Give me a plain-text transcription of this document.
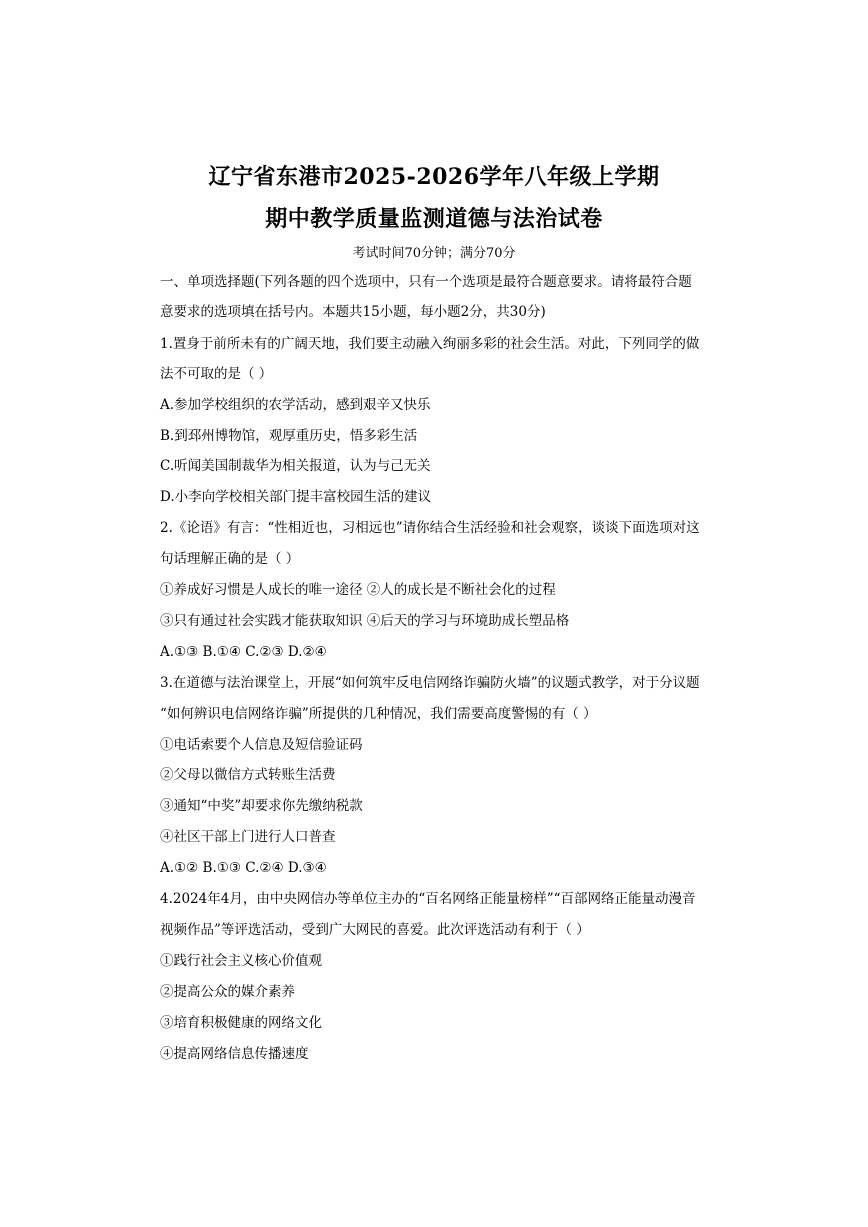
辽宁省东港市2025-2026学年八年级上学期
期中教学质量监测道德与法治试卷
考试时间70分钟；满分70分
一、单项选择题(下列各题的四个选项中，只有一个选项是最符合题意要求。请将最符合题
意要求的选项填在括号内。本题共15小题，每小题2分，共30分)
1.置身于前所未有的广阔天地，我们要主动融入绚丽多彩的社会生活。对此，下列同学的做
法不可取的是（ ）
A.参加学校组织的农学活动，感到艰辛又快乐
B.到邳州博物馆，观厚重历史，悟多彩生活
C.听闻美国制裁华为相关报道，认为与己无关
D.小李向学校相关部门提丰富校园生活的建议
2.《论语》有言：“性相近也，习相远也”请你结合生活经验和社会观察，谈谈下面选项对这
句话理解正确的是（ ）
①养成好习惯是人成长的唯一途径 ②人的成长是不断社会化的过程
③只有通过社会实践才能获取知识 ④后天的学习与环境助成长塑品格
A.①③ B.①④ C.②③ D.②④
3.在道德与法治课堂上，开展“如何筑牢反电信网络诈骗防火墙”的议题式教学，对于分议题
“如何辨识电信网络诈骗”所提供的几种情况，我们需要高度警惕的有（ ）
①电话索要个人信息及短信验证码
②父母以微信方式转账生活费
③通知“中奖”却要求你先缴纳税款
④社区干部上门进行人口普查
A.①② B.①③ C.②④ D.③④
4.2024年4月，由中央网信办等单位主办的“百名网络正能量榜样”“百部网络正能量动漫音
视频作品”等评选活动，受到广大网民的喜爱。此次评选活动有利于（ ）
①践行社会主义核心价值观
②提高公众的媒介素养
③培育积极健康的网络文化
④提高网络信息传播速度
